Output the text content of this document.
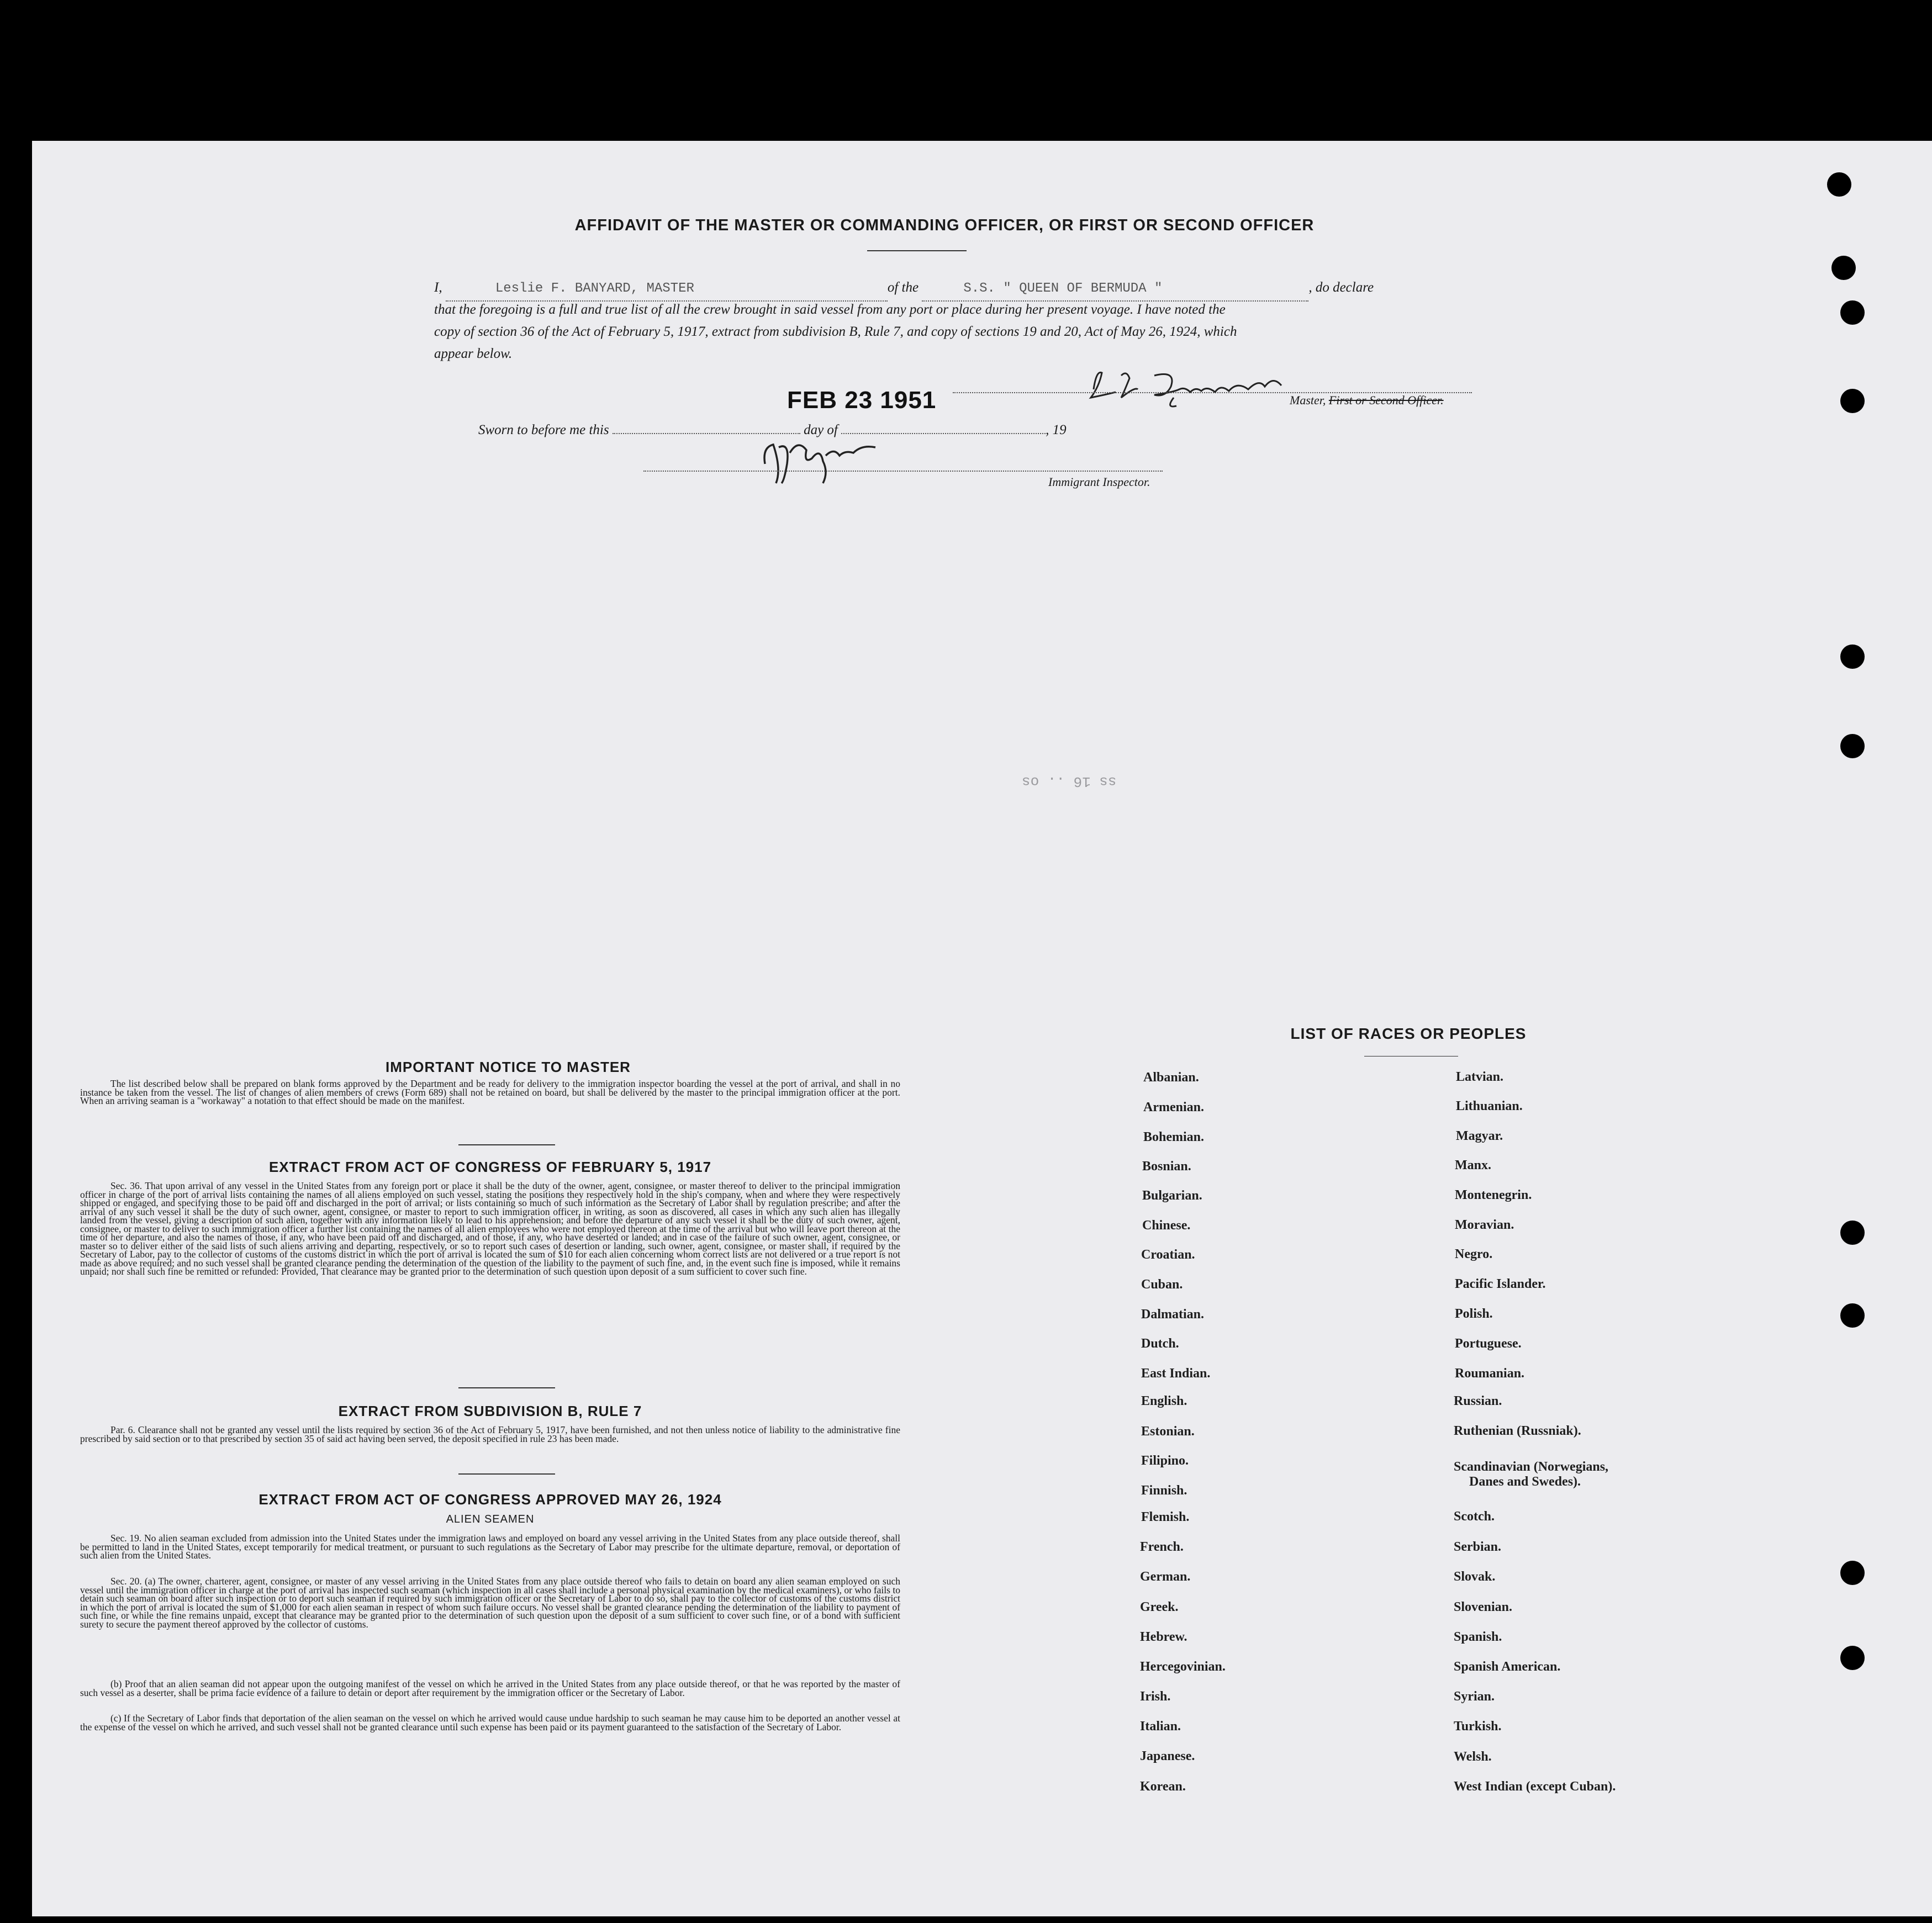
AFFIDAVIT OF THE MASTER OR COMMANDING OFFICER, OR FIRST OR SECOND OFFICER
I,	Leslie F. BANYARD, MASTER	of the	S.S. " QUEEN OF BERMUDA "	, do declare
that the foregoing is a full and true list of all the crew brought in said vessel from any port or place during her present voyage. I have noted the
copy of section 36 of the Act of February 5, 1917, extract from subdivision B, Rule 7, and copy of sections 19 and 20, Act of May 26, 1924, which
appear below.
Master, First or Second Officer.
FEB 23 1951
Sworn to before me this	day of	, 19
Immigrant Inspector.
ss 16 .. os
IMPORTANT NOTICE TO MASTER
The list described below shall be prepared on blank forms approved by the Department and be ready for delivery to the immigration inspector boarding the vessel at the port of arrival, and shall in no instance be taken from the vessel. The list of changes of alien members of crews (Form 689) shall not be retained on board, but shall be delivered by the master to the principal immigration officer at the port. When an arriving seaman is a "workaway" a notation to that effect should be made on the manifest.
EXTRACT FROM ACT OF CONGRESS OF FEBRUARY 5, 1917
Sec. 36. That upon arrival of any vessel in the United States from any foreign port or place it shall be the duty of the owner, agent, consignee, or master thereof to deliver to the principal immigration officer in charge of the port of arrival lists containing the names of all aliens employed on such vessel, stating the positions they respectively hold in the ship's company, when and where they were respectively shipped or engaged, and specifying those to be paid off and discharged in the port of arrival; or lists containing so much of such information as the Secretary of Labor shall by regulation prescribe; and after the arrival of any such vessel it shall be the duty of such owner, agent, consignee, or master to report to such immigration officer, in writing, as soon as discovered, all cases in which any such alien has illegally landed from the vessel, giving a description of such alien, together with any information likely to lead to his apprehension; and before the departure of any such vessel it shall be the duty of such owner, agent, consignee, or master to deliver to such immigration officer a further list containing the names of all alien employees who were not employed thereon at the time of the arrival but who will leave port thereon at the time of her departure, and also the names of those, if any, who have been paid off and discharged, and of those, if any, who have deserted or landed; and in case of the failure of such owner, agent, consignee, or master so to deliver either of the said lists of such aliens arriving and departing, respectively, or so to report such cases of desertion or landing, such owner, agent, consignee, or master shall, if required by the Secretary of Labor, pay to the collector of customs of the customs district in which the port of arrival is located the sum of $10 for each alien concerning whom correct lists are not delivered or a true report is not made as above required; and no such vessel shall be granted clearance pending the determination of the question of the liability to the payment of such fine, and, in the event such fine is imposed, while it remains unpaid; nor shall such fine be remitted or refunded: Provided, That clearance may be granted prior to the determination of such question upon deposit of a sum sufficient to cover such fine.
EXTRACT FROM SUBDIVISION B, RULE 7
Par. 6. Clearance shall not be granted any vessel until the lists required by section 36 of the Act of February 5, 1917, have been furnished, and not then unless notice of liability to the administrative fine prescribed by said section or to that prescribed by section 35 of said act having been served, the deposit specified in rule 23 has been made.
EXTRACT FROM ACT OF CONGRESS APPROVED MAY 26, 1924
ALIEN SEAMEN
Sec. 19. No alien seaman excluded from admission into the United States under the immigration laws and employed on board any vessel arriving in the United States from any place outside thereof, shall be permitted to land in the United States, except temporarily for medical treatment, or pursuant to such regulations as the Secretary of Labor may prescribe for the ultimate departure, removal, or deportation of such alien from the United States.
Sec. 20. (a) The owner, charterer, agent, consignee, or master of any vessel arriving in the United States from any place outside thereof who fails to detain on board any alien seaman employed on such vessel until the immigration officer in charge at the port of arrival has inspected such seaman (which inspection in all cases shall include a personal physical examination by the medical examiners), or who fails to detain such seaman on board after such inspection or to deport such seaman if required by such immigration officer or the Secretary of Labor to do so, shall pay to the collector of customs of the customs district in which the port of arrival is located the sum of $1,000 for each alien seaman in respect of whom such failure occurs. No vessel shall be granted clearance pending the determination of the liability to payment of such fine, or while the fine remains unpaid, except that clearance may be granted prior to the determination of such question upon the deposit of a sum sufficient to cover such fine, or of a bond with sufficient surety to secure the payment thereof approved by the collector of customs.
(b) Proof that an alien seaman did not appear upon the outgoing manifest of the vessel on which he arrived in the United States from any place outside thereof, or that he was reported by the master of such vessel as a deserter, shall be prima facie evidence of a failure to detain or deport after requirement by the immigration officer or the Secretary of Labor.
(c) If the Secretary of Labor finds that deportation of the alien seaman on the vessel on which he arrived would cause undue hardship to such seaman he may cause him to be deported an another vessel at the expense of the vessel on which he arrived, and such vessel shall not be granted clearance until such expense has been paid or its payment guaranteed to the satisfaction of the Secretary of Labor.
LIST OF RACES OR PEOPLES
Albanian.
Armenian.
Bohemian.
Bosnian.
Bulgarian.
Chinese.
Croatian.
Cuban.
Dalmatian.
Dutch.
East Indian.
English.
Estonian.
Filipino.
Finnish.
Flemish.
French.
German.
Greek.
Hebrew.
Hercegovinian.
Irish.
Italian.
Japanese.
Korean.
Latvian.
Lithuanian.
Magyar.
Manx.
Montenegrin.
Moravian.
Negro.
Pacific Islander.
Polish.
Portuguese.
Roumanian.
Russian.
Ruthenian (Russniak).
Scandinavian (Norwegians,
Danes and Swedes).
Scotch.
Serbian.
Slovak.
Slovenian.
Spanish.
Spanish American.
Syrian.
Turkish.
Welsh.
West Indian (except Cuban).
